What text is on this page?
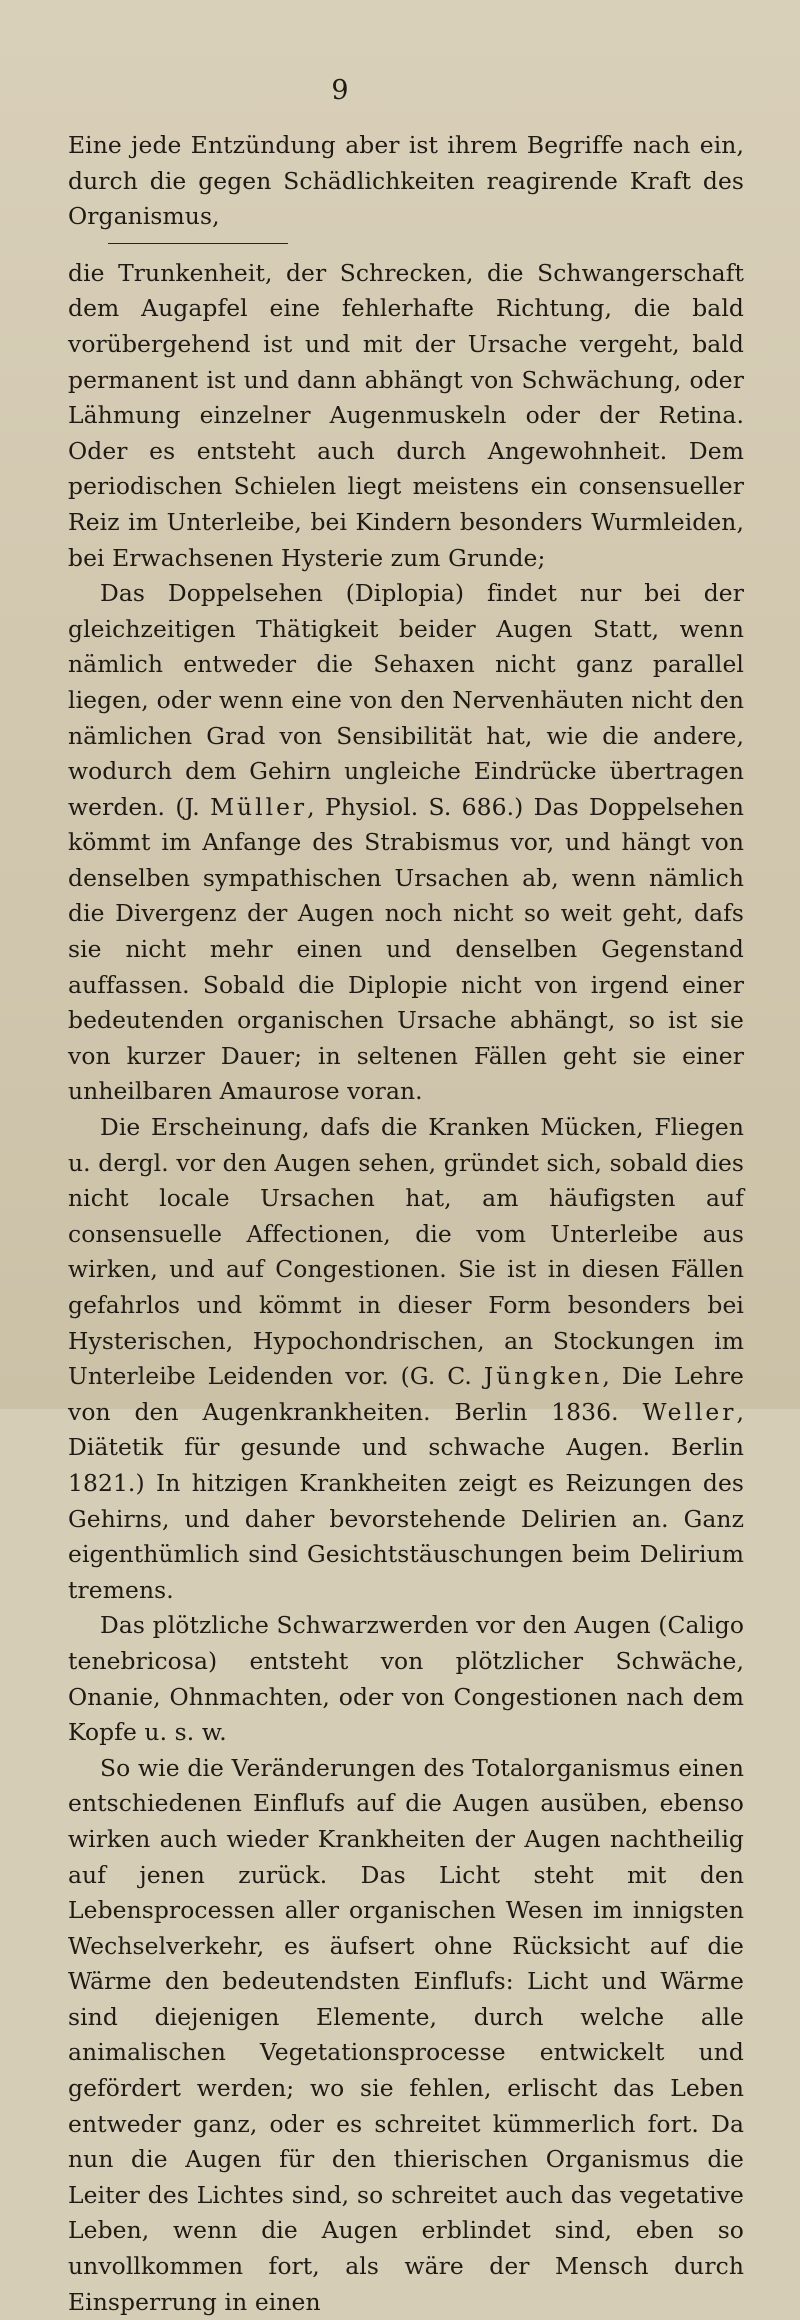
9

Eine jede Entzündung aber ist ihrem Begriffe nach ein, durch die gegen Schädlichkeiten reagirende Kraft des Organismus,

die Trunkenheit, der Schrecken, die Schwangerschaft dem Augapfel eine fehlerhafte Richtung, die bald vorübergehend ist und mit der Ursache vergeht, bald permanent ist und dann abhängt von Schwächung, oder Lähmung einzelner Augenmuskeln oder der Retina. Oder es entsteht auch durch Angewohnheit. Dem periodischen Schielen liegt meistens ein consensueller Reiz im Unterleibe, bei Kindern besonders Wurmleiden, bei Erwachsenen Hysterie zum Grunde;

Das Doppelsehen (Diplopia) findet nur bei der gleichzeitigen Thätigkeit beider Augen Statt, wenn nämlich entweder die Sehaxen nicht ganz parallel liegen, oder wenn eine von den Nervenhäuten nicht den nämlichen Grad von Sensibilität hat, wie die andere, wodurch dem Gehirn ungleiche Eindrücke übertragen werden. (J. Müller, Physiol. S. 686.) Das Doppelsehen kömmt im Anfange des Strabismus vor, und hängt von denselben sympathischen Ursachen ab, wenn nämlich die Divergenz der Augen noch nicht so weit geht, dafs sie nicht mehr einen und denselben Gegenstand auffassen. Sobald die Diplopie nicht von irgend einer bedeutenden organischen Ursache abhängt, so ist sie von kurzer Dauer; in seltenen Fällen geht sie einer unheilbaren Amaurose voran.

Die Erscheinung, dafs die Kranken Mücken, Fliegen u. dergl. vor den Augen sehen, gründet sich, sobald dies nicht locale Ursachen hat, am häufigsten auf consensuelle Affectionen, die vom Unterleibe aus wirken, und auf Congestionen. Sie ist in diesen Fällen gefahrlos und kömmt in dieser Form besonders bei Hysterischen, Hypochondrischen, an Stockungen im Unterleibe Leidenden vor. (G. C. Jüngken, Die Lehre von den Augenkrankheiten. Berlin 1836. Weller, Diätetik für gesunde und schwache Augen. Berlin 1821.) In hitzigen Krankheiten zeigt es Reizungen des Gehirns, und daher bevorstehende Delirien an. Ganz eigenthümlich sind Gesichtstäuschungen beim Delirium tremens.

Das plötzliche Schwarzwerden vor den Augen (Caligo tenebricosa) entsteht von plötzlicher Schwäche, Onanie, Ohnmachten, oder von Congestionen nach dem Kopfe u. s. w.

So wie die Veränderungen des Totalorganismus einen entschiedenen Einflufs auf die Augen ausüben, ebenso wirken auch wieder Krankheiten der Augen nachtheilig auf jenen zurück. Das Licht steht mit den Lebensprocessen aller organischen Wesen im innigsten Wechselverkehr, es äufsert ohne Rücksicht auf die Wärme den bedeutendsten Einflufs: Licht und Wärme sind diejenigen Elemente, durch welche alle animalischen Vegetationsprocesse entwickelt und gefördert werden; wo sie fehlen, erlischt das Leben entweder ganz, oder es schreitet kümmerlich fort. Da nun die Augen für den thierischen Organismus die Leiter des Lichtes sind, so schreitet auch das vegetative Leben, wenn die Augen erblindet sind, eben so unvollkommen fort, als wäre der Mensch durch Einsperrung in einen
